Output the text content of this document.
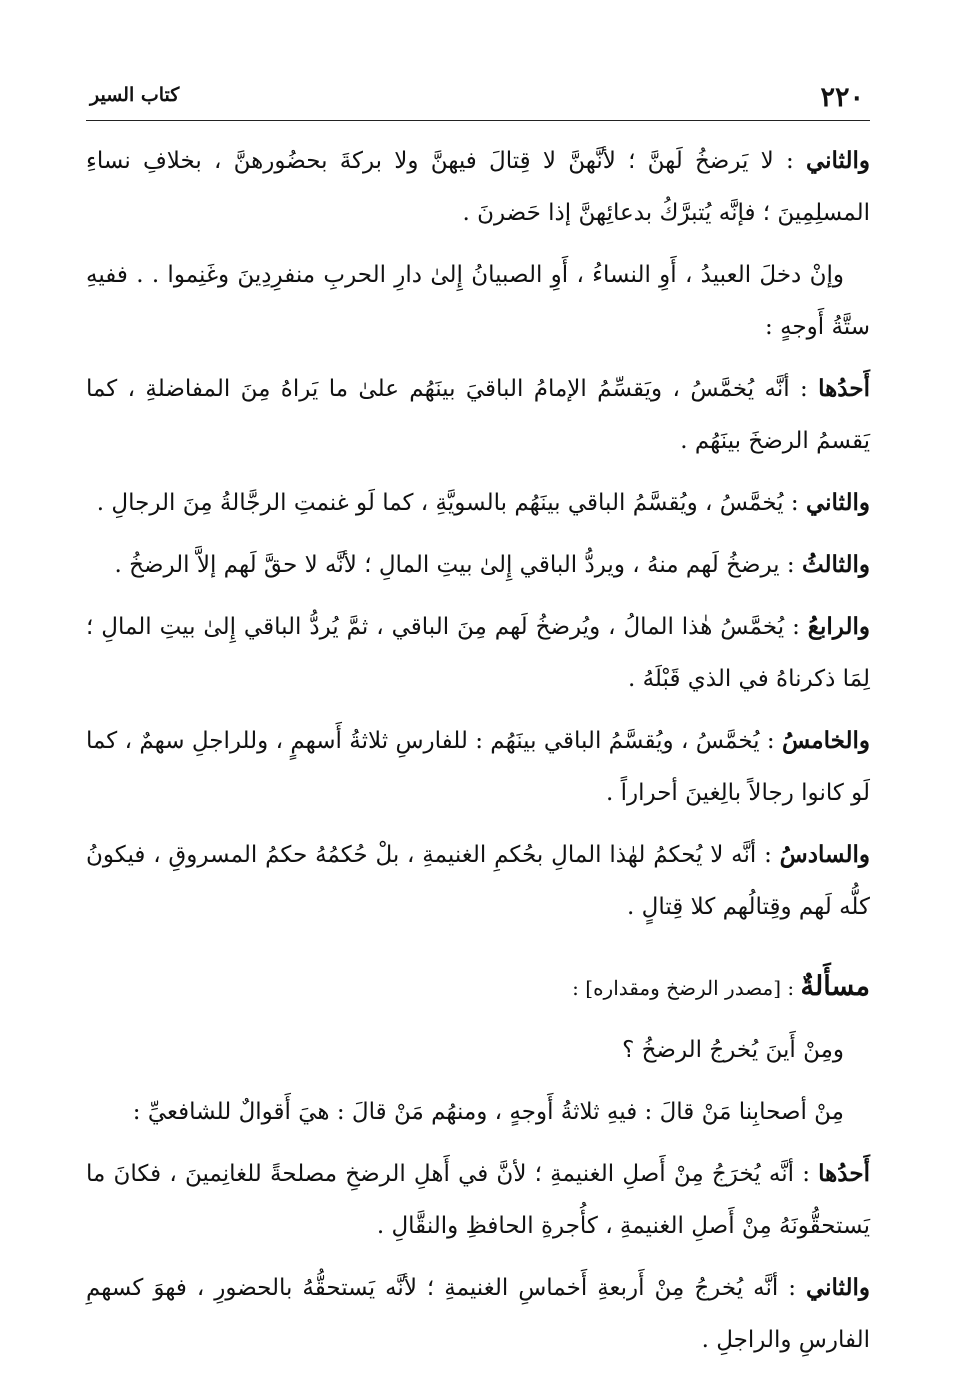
٢٢٠
كتاب السير

والثاني : لا يَرضخُ لَهنَّ ؛ لأنَّهنَّ لا قِتالَ فيهنَّ ولا بركةَ بحضُورهنَّ ، بخلافِ نساءِ المسلِمِينَ ؛ فإنَّه يُتبرَّكُ بدعائِهنَّ إذا حَضرنَ .

وإنْ دخلَ العبيدُ ، أَوِ النساءُ ، أَوِ الصبيانُ إِلىٰ دارِ الحربِ منفرِدِينَ وغَنِموا . . ففيهِ ستَّةُ أَوجهٍ :

أَحدُها : أنَّه يُخمَّسُ ، ويَقسِّمُ الإمامُ الباقيَ بينَهُم علىٰ ما يَراهُ مِنَ المفاضلةِ ، كما يَقسمُ الرضخَ بينَهُم .

والثاني : يُخمَّسُ ، ويُقسَّمُ الباقي بينَهُم بالسويَّةِ ، كما لَو غنمتِ الرجَّالةُ مِنَ الرجالِ .

والثالثُ : يرضخُ لَهم منهُ ، ويردُّ الباقي إِلىٰ بيتِ المالِ ؛ لأنَّه لا حقَّ لَهم إلاَّ الرضخُ .

والرابعُ : يُخمَّسُ هٰذا المالُ ، ويُرضخُ لَهم مِنَ الباقي ، ثمَّ يُردُّ الباقي إِلىٰ بيتِ المالِ ؛ لِمَا ذكرناهُ في الذي قَبْلَهُ .

والخامسُ : يُخمَّسُ ، ويُقسَّمُ الباقي بينَهُم : للفارسِ ثلاثةُ أَسهمٍ ، وللراجلِ سهمٌ ، كما لَو كانوا رجالاً بالِغينَ أحراراً .

والسادسُ : أنَّه لا يُحكمُ لهٰذا المالِ بحُكمِ الغنيمةِ ، بلْ حُكمُهُ حكمُ المسروقِ ، فيكونُ كلُّه لَهم وقِتالُهم كلا قِتالٍ .

مسأَلةٌ : [مصدر الرضخ ومقداره] :

ومِنْ أَينَ يُخرجُ الرضخُ ؟

مِنْ أصحابِنا مَنْ قالَ : فيهِ ثلاثةُ أَوجهٍ ، ومنهُم مَنْ قالَ : هيَ أَقوالٌ للشافعيِّ :

أَحدُها : أنَّه يُخرَجُ مِنْ أَصلِ الغنيمةِ ؛ لأنَّ في أَهلِ الرضخِ مصلحةً للغانِمينَ ، فكانَ ما يَستحقُّونَهُ مِنْ أَصلِ الغنيمةِ ، كأُجرةِ الحافظِ والنقَّالِ .

والثاني : أنَّه يُخرجُ مِنْ أَربعةِ أَخماسِ الغنيمةِ ؛ لأنَّه يَستحقُّهُ بالحضورِ ، فهوَ كسهمِ الفارسِ والراجلِ .
